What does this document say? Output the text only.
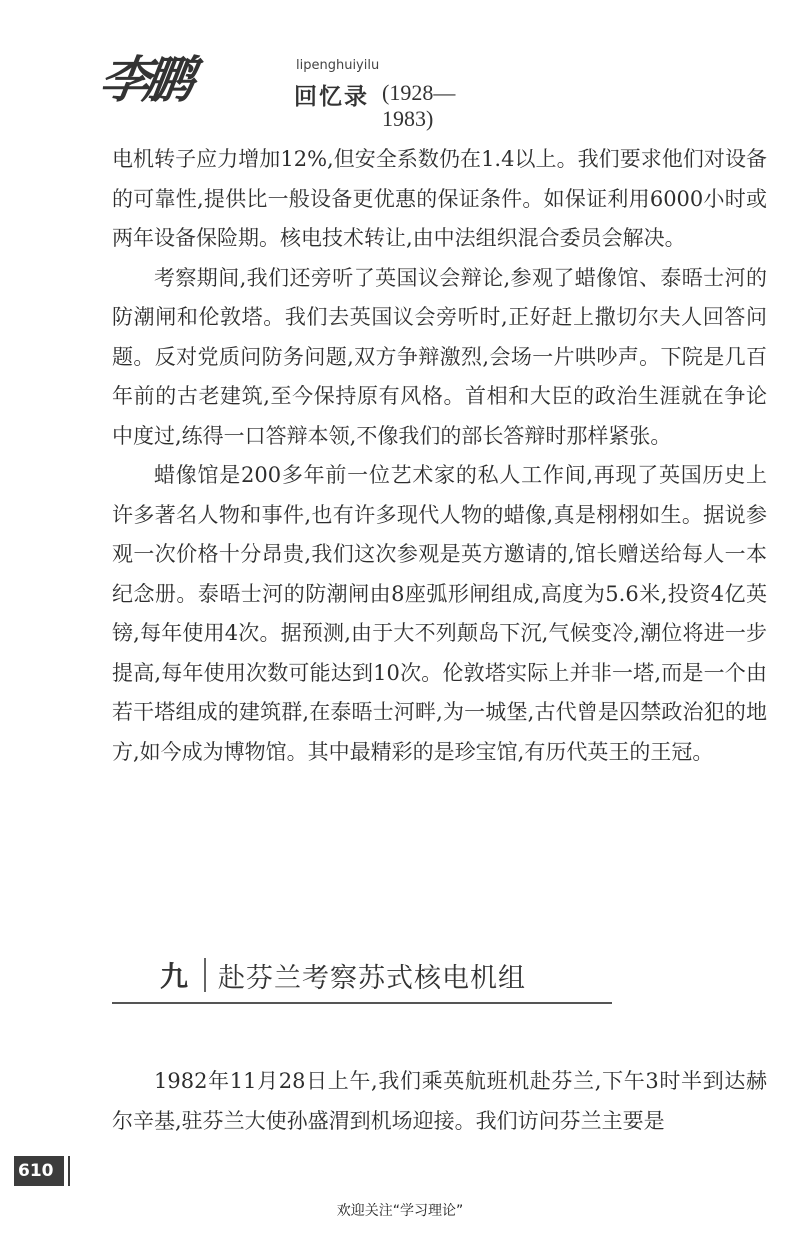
李鹏	lipenghuiyilu
回忆录 (1928—1983)

电机转子应力增加12%,但安全系数仍在1.4以上。我们要求他们对设备的可靠性,提供比一般设备更优惠的保证条件。如保证利用6000小时或两年设备保险期。核电技术转让,由中法组织混合委员会解决。

考察期间,我们还旁听了英国议会辩论,参观了蜡像馆、泰晤士河的防潮闸和伦敦塔。我们去英国议会旁听时,正好赶上撒切尔夫人回答问题。反对党质问防务问题,双方争辩激烈,会场一片哄吵声。下院是几百年前的古老建筑,至今保持原有风格。首相和大臣的政治生涯就在争论中度过,练得一口答辩本领,不像我们的部长答辩时那样紧张。

蜡像馆是200多年前一位艺术家的私人工作间,再现了英国历史上许多著名人物和事件,也有许多现代人物的蜡像,真是栩栩如生。据说参观一次价格十分昂贵,我们这次参观是英方邀请的,馆长赠送给每人一本纪念册。泰晤士河的防潮闸由8座弧形闸组成,高度为5.6米,投资4亿英镑,每年使用4次。据预测,由于大不列颠岛下沉,气候变冷,潮位将进一步提高,每年使用次数可能达到10次。伦敦塔实际上并非一塔,而是一个由若干塔组成的建筑群,在泰晤士河畔,为一城堡,古代曾是囚禁政治犯的地方,如今成为博物馆。其中最精彩的是珍宝馆,有历代英王的王冠。

九 赴芬兰考察苏式核电机组

1982年11月28日上午,我们乘英航班机赴芬兰,下午3时半到达赫尔辛基,驻芬兰大使孙盛渭到机场迎接。我们访问芬兰主要是

610
欢迎关注“学习理论”
